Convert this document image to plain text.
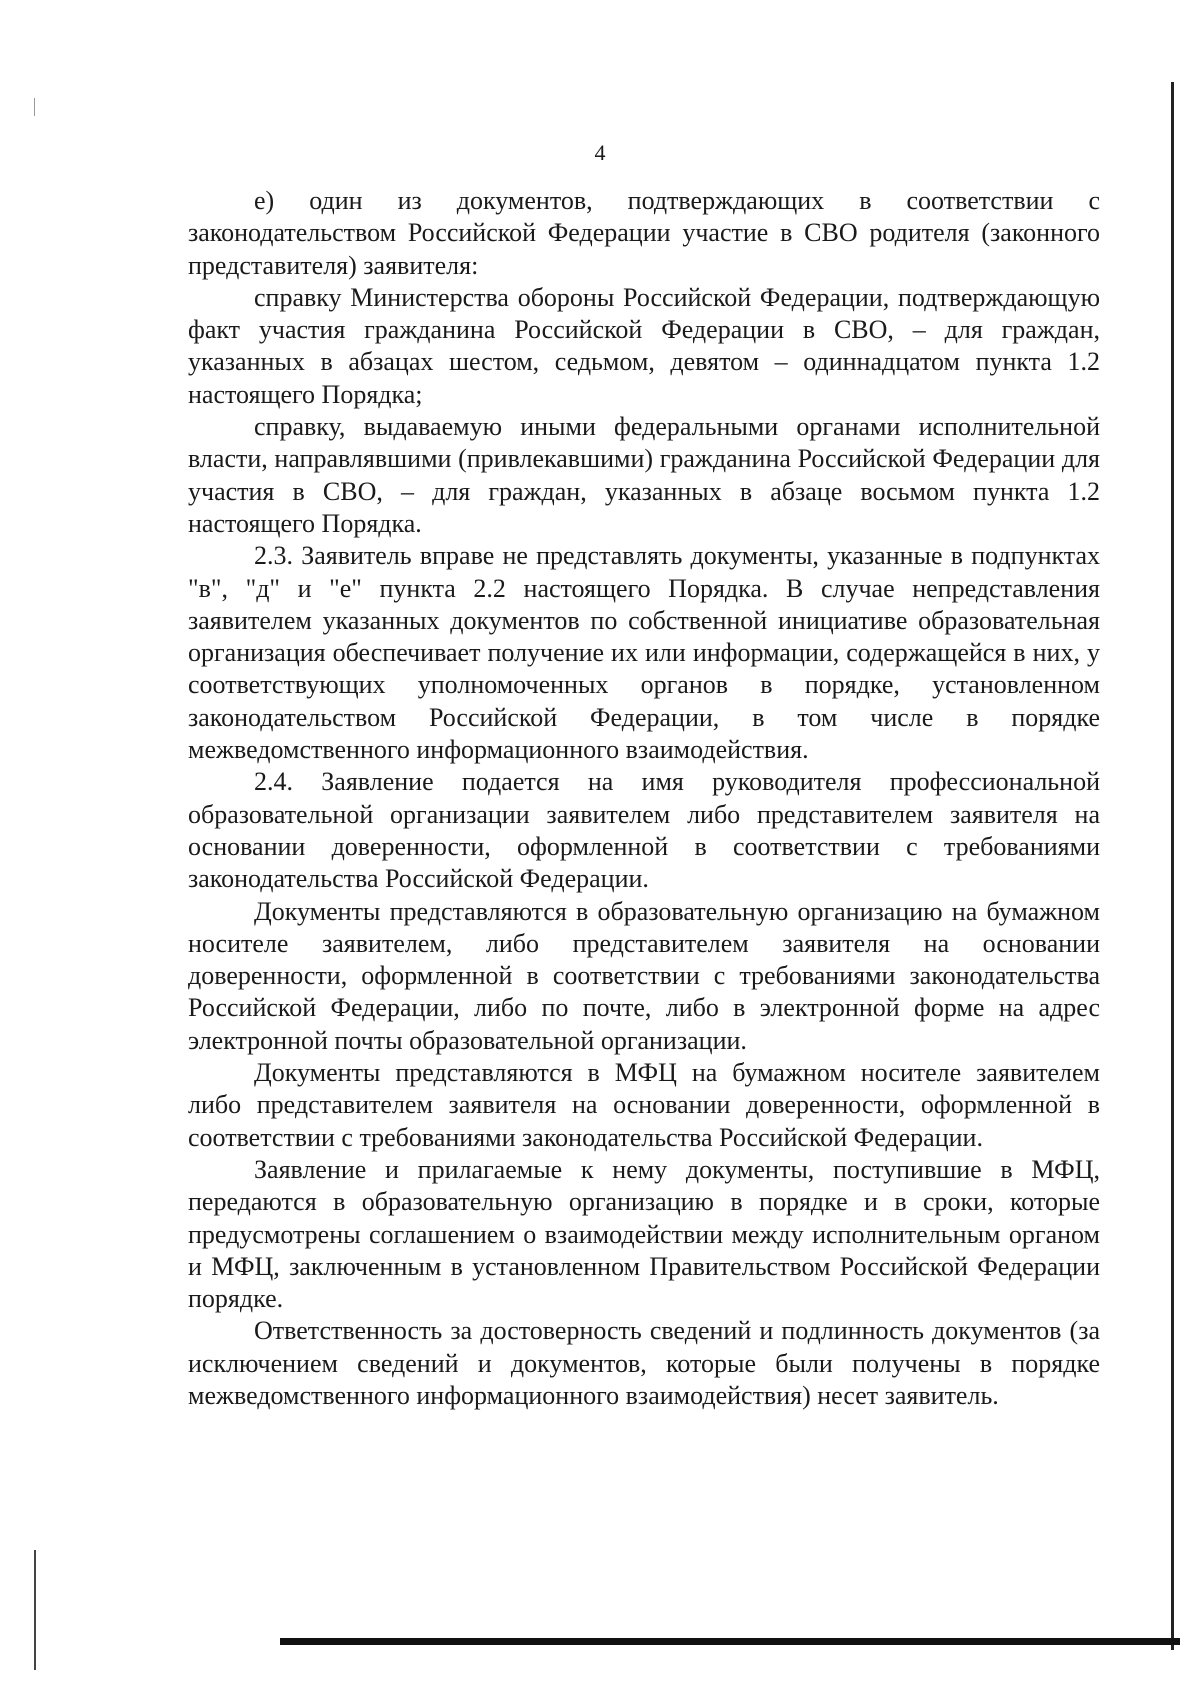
4

е) один из документов, подтверждающих в соответствии с законодательством Российской Федерации участие в СВО родителя (законного представителя) заявителя:

справку Министерства обороны Российской Федерации, подтверждающую факт участия гражданина Российской Федерации в СВО, – для граждан, указанных в абзацах шестом, седьмом, девятом – одиннадцатом пункта 1.2 настоящего Порядка;

справку, выдаваемую иными федеральными органами исполнительной власти, направлявшими (привлекавшими) гражданина Российской Федерации для участия в СВО, – для граждан, указанных в абзаце восьмом пункта 1.2 настоящего Порядка.

2.3. Заявитель вправе не представлять документы, указанные в подпунктах "в", "д" и "е" пункта 2.2 настоящего Порядка. В случае непредставления заявителем указанных документов по собственной инициативе образовательная организация обеспечивает получение их или информации, содержащейся в них, у соответствующих уполномоченных органов в порядке, установленном законодательством Российской Федерации, в том числе в порядке межведомственного информационного взаимодействия.

2.4. Заявление подается на имя руководителя профессиональной образовательной организации заявителем либо представителем заявителя на основании доверенности, оформленной в соответствии с требованиями законодательства Российской Федерации.

Документы представляются в образовательную организацию на бумажном носителе заявителем, либо представителем заявителя на основании доверенности, оформленной в соответствии с требованиями законодательства Российской Федерации, либо по почте, либо в электронной форме на адрес электронной почты образовательной организации.

Документы представляются в МФЦ на бумажном носителе заявителем либо представителем заявителя на основании доверенности, оформленной в соответствии с требованиями законодательства Российской Федерации.

Заявление и прилагаемые к нему документы, поступившие в МФЦ, передаются в образовательную организацию в порядке и в сроки, которые предусмотрены соглашением о взаимодействии между исполнительным органом и МФЦ, заключенным в установленном Правительством Российской Федерации порядке.

Ответственность за достоверность сведений и подлинность документов (за исключением сведений и документов, которые были получены в порядке межведомственного информационного взаимодействия) несет заявитель.
